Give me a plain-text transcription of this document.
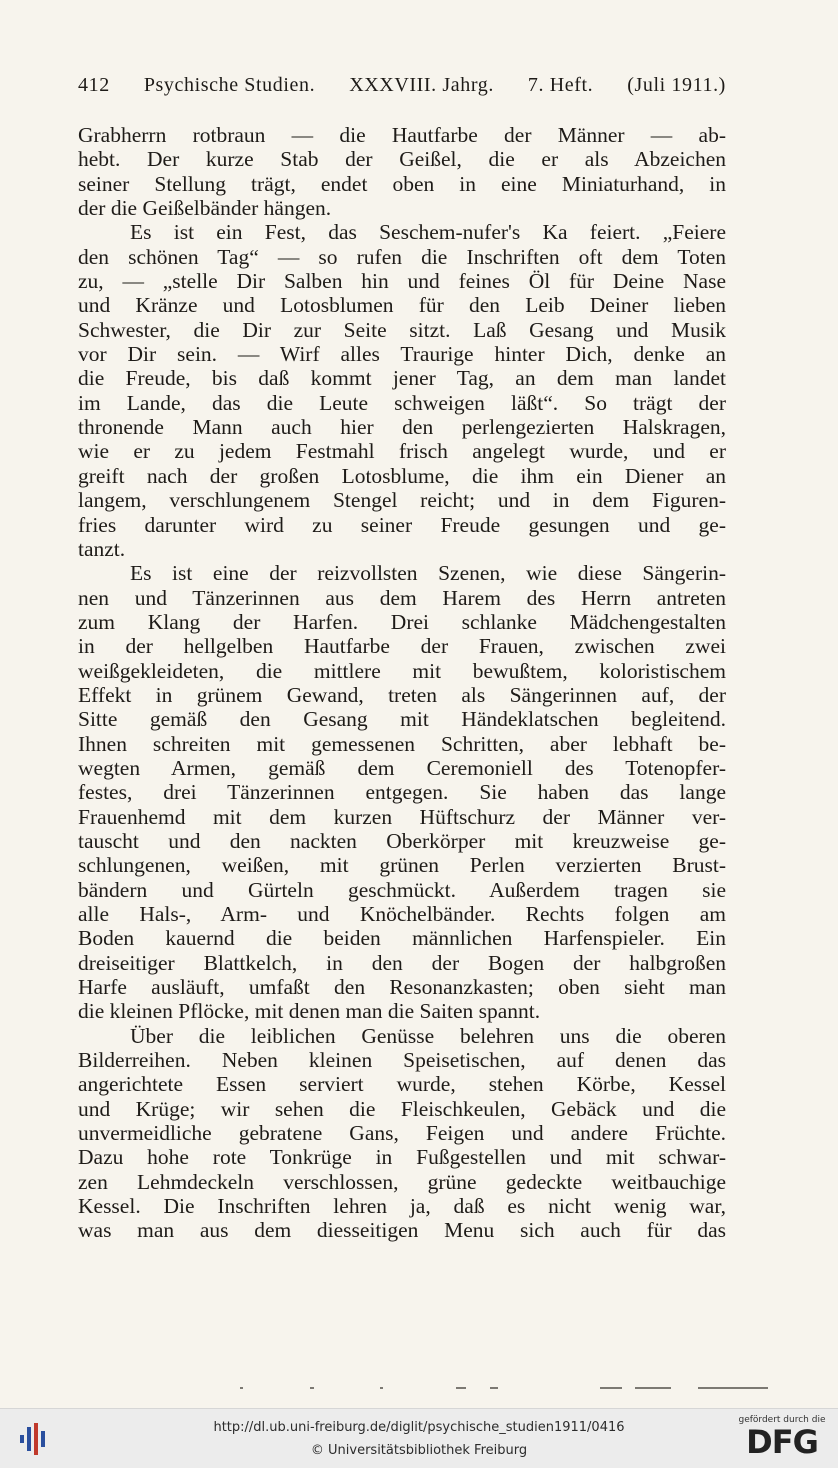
412 Psychische Studien. XXXVIII. Jahrg. 7. Heft. (Juli 1911.)
Grabherrn rotbraun — die Hautfarbe der Männer — ab-
hebt. Der kurze Stab der Geißel, die er als Abzeichen
seiner Stellung trägt, endet oben in eine Miniaturhand, in
der die Geißelbänder hängen.
Es ist ein Fest, das Seschem-nufer's Ka feiert. „Feiere
den schönen Tag“ — so rufen die Inschriften oft dem Toten
zu, — „stelle Dir Salben hin und feines Öl für Deine Nase
und Kränze und Lotosblumen für den Leib Deiner lieben
Schwester, die Dir zur Seite sitzt. Laß Gesang und Musik
vor Dir sein. — Wirf alles Traurige hinter Dich, denke an
die Freude, bis daß kommt jener Tag, an dem man landet
im Lande, das die Leute schweigen läßt“. So trägt der
thronende Mann auch hier den perlengezierten Halskragen,
wie er zu jedem Festmahl frisch angelegt wurde, und er
greift nach der großen Lotosblume, die ihm ein Diener an
langem, verschlungenem Stengel reicht; und in dem Figuren-
fries darunter wird zu seiner Freude gesungen und ge-
tanzt.
Es ist eine der reizvollsten Szenen, wie diese Sängerin-
nen und Tänzerinnen aus dem Harem des Herrn antreten
zum Klang der Harfen. Drei schlanke Mädchengestalten
in der hellgelben Hautfarbe der Frauen, zwischen zwei
weißgekleideten, die mittlere mit bewußtem, koloristischem
Effekt in grünem Gewand, treten als Sängerinnen auf, der
Sitte gemäß den Gesang mit Händeklatschen begleitend.
Ihnen schreiten mit gemessenen Schritten, aber lebhaft be-
wegten Armen, gemäß dem Ceremoniell des Totenopfer-
festes, drei Tänzerinnen entgegen. Sie haben das lange
Frauenhemd mit dem kurzen Hüftschurz der Männer ver-
tauscht und den nackten Oberkörper mit kreuzweise ge-
schlungenen, weißen, mit grünen Perlen verzierten Brust-
bändern und Gürteln geschmückt. Außerdem tragen sie
alle Hals-, Arm- und Knöchelbänder. Rechts folgen am
Boden kauernd die beiden männlichen Harfenspieler. Ein
dreiseitiger Blattkelch, in den der Bogen der halbgroßen
Harfe ausläuft, umfaßt den Resonanzkasten; oben sieht man
die kleinen Pflöcke, mit denen man die Saiten spannt.
Über die leiblichen Genüsse belehren uns die oberen
Bilderreihen. Neben kleinen Speisetischen, auf denen das
angerichtete Essen serviert wurde, stehen Körbe, Kessel
und Krüge; wir sehen die Fleischkeulen, Gebäck und die
unvermeidliche gebratene Gans, Feigen und andere Früchte.
Dazu hohe rote Tonkrüge in Fußgestellen und mit schwar-
zen Lehmdeckeln verschlossen, grüne gedeckte weitbauchige
Kessel. Die Inschriften lehren ja, daß es nicht wenig war,
was man aus dem diesseitigen Menu sich auch für das
http://dl.ub.uni-freiburg.de/diglit/psychische_studien1911/0416
© Universitätsbibliothek Freiburg
gefördert durch die
DFG
